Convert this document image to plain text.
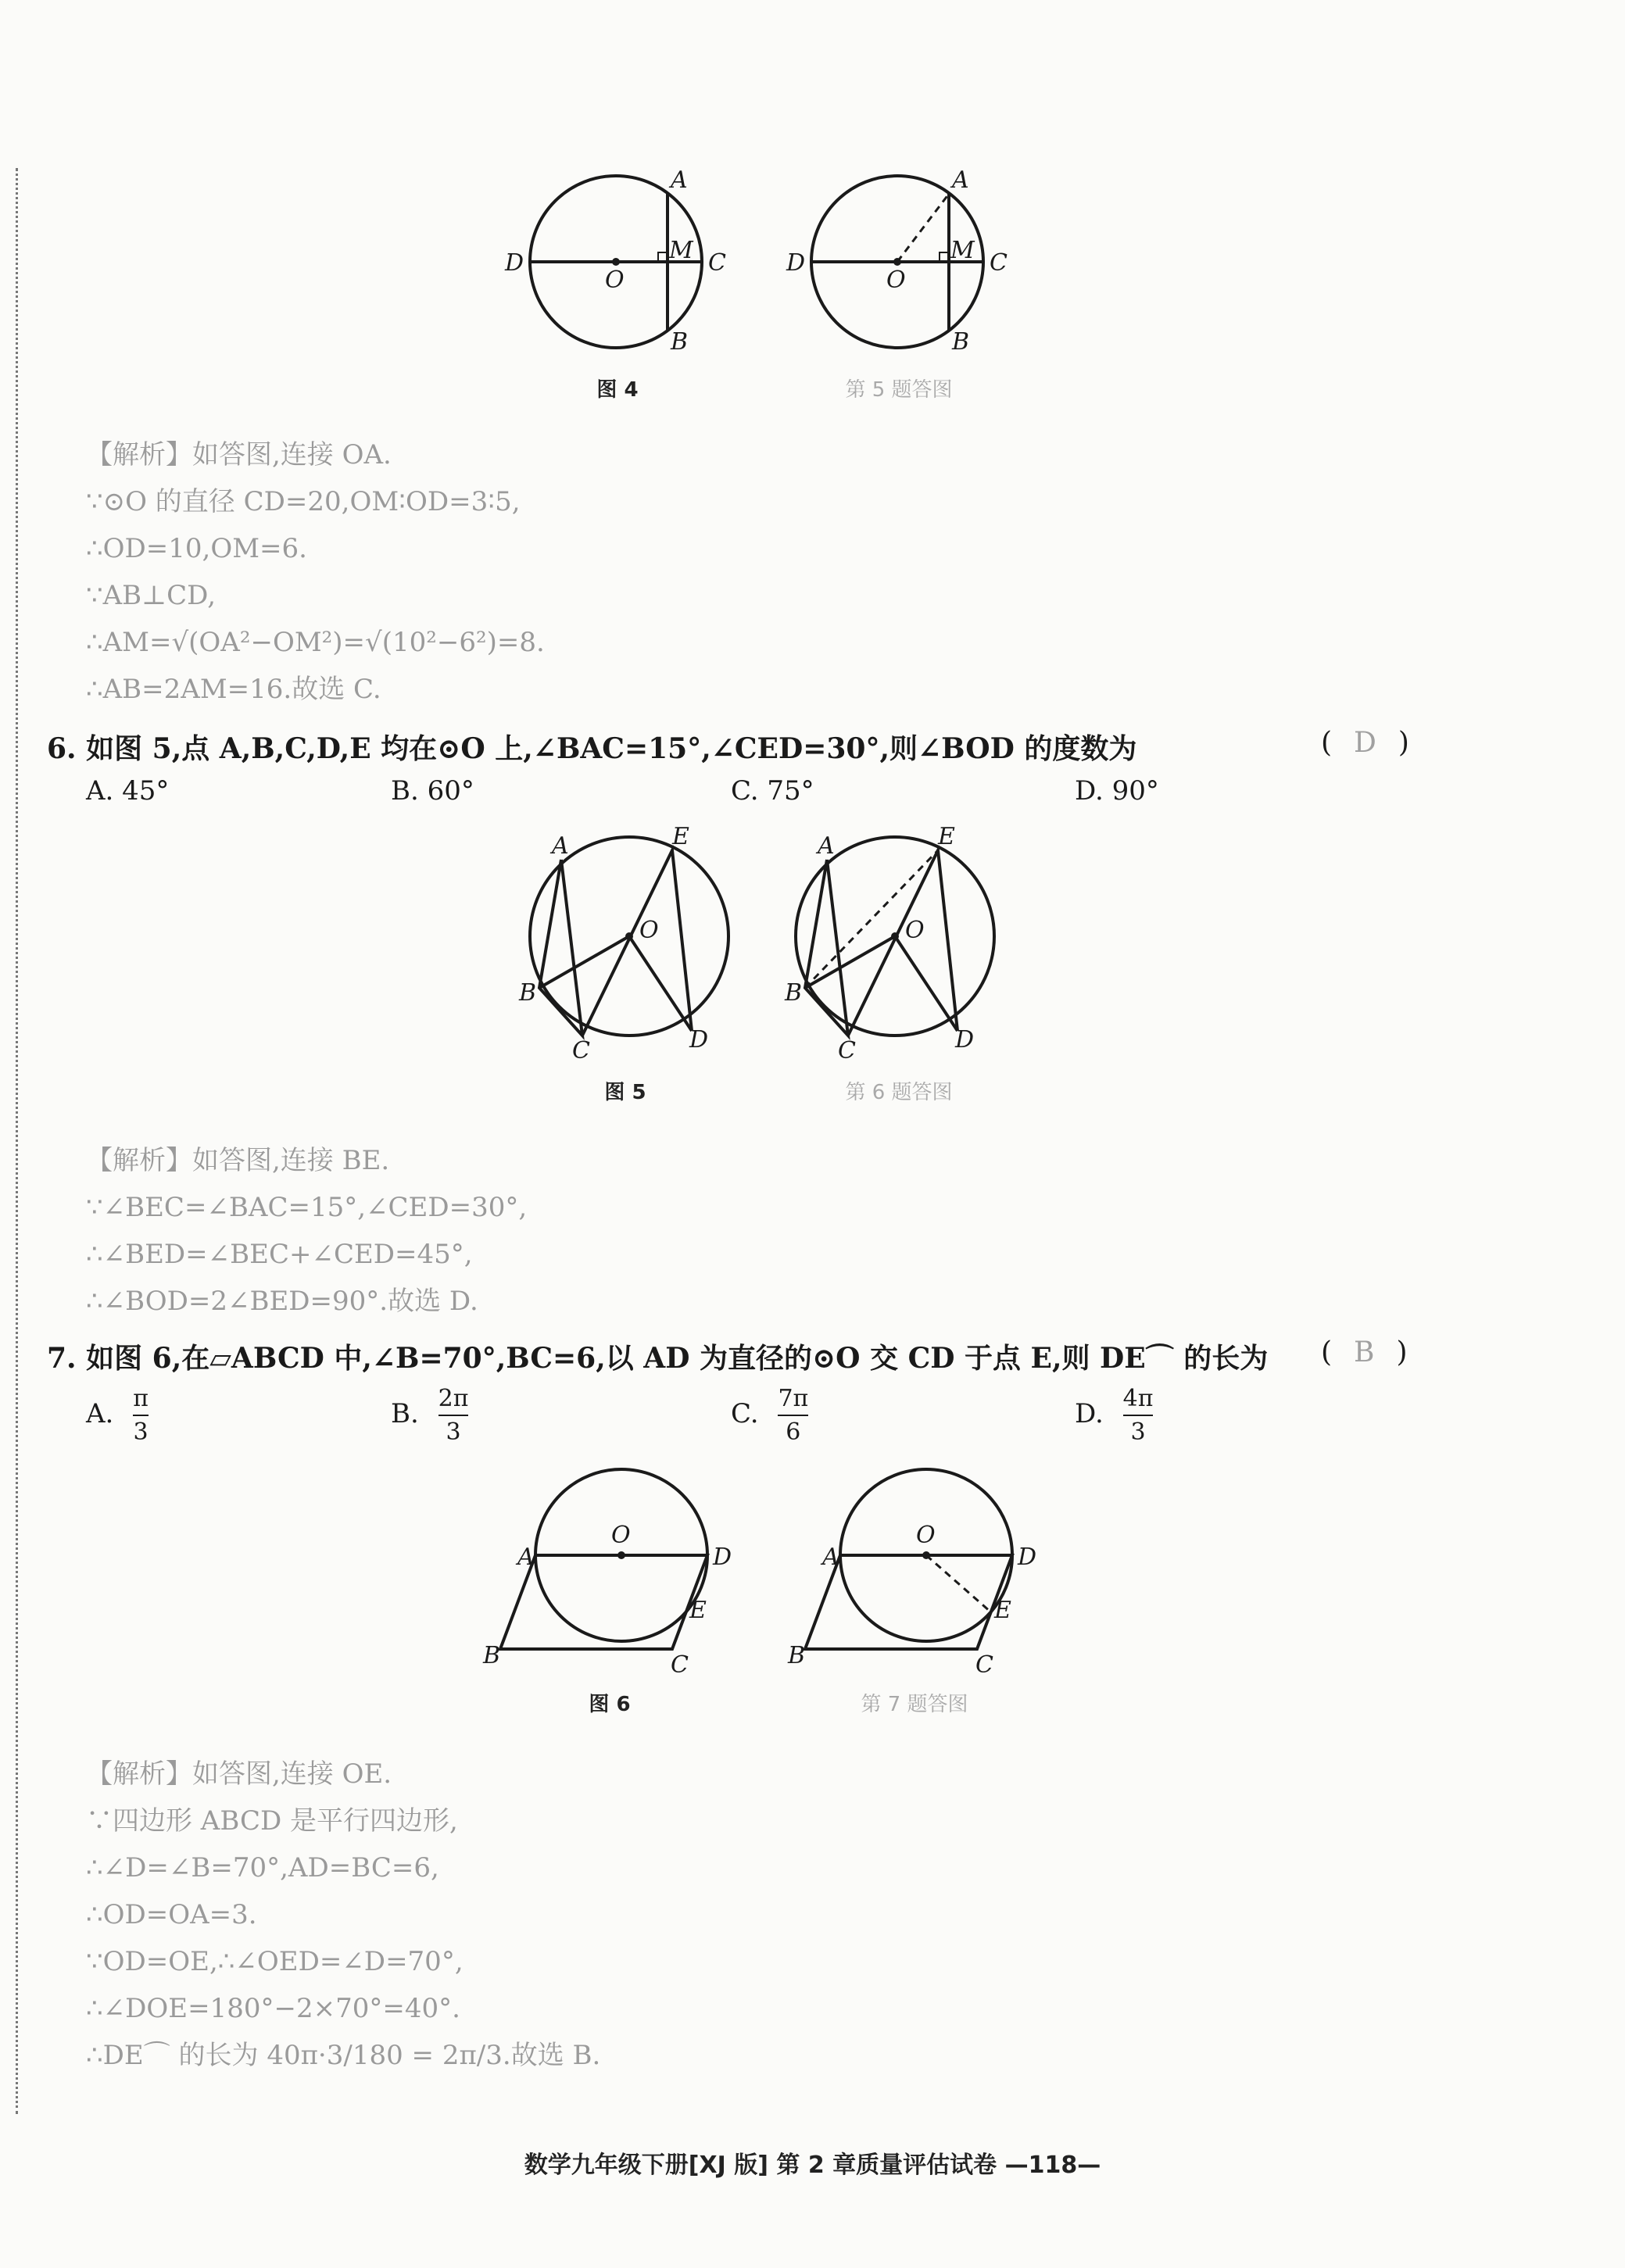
A
B
C
D
O
M
图 4
A
B
C
D
O
M
第 5 题答图
【解析】如答图,连接 OA.
∵⊙O 的直径 CD=20,OM∶OD=3∶5,
∴OD=10,OM=6.
∵AB⊥CD,
∴AM=√(OA²−OM²)=√(10²−6²)=8.
∴AB=2AM=16.故选 C.
6. 如图 5,点 A,B,C,D,E 均在⊙O 上,∠BAC=15°,∠CED=30°,则∠BOD 的度数为	( D )
A. 45°	B. 60°	C. 75°	D. 90°
A	E
O
B
C	D
图 5
A	E
O
B
C	D
第 6 题答图
【解析】如答图,连接 BE.
∵∠BEC=∠BAC=15°,∠CED=30°,
∴∠BED=∠BEC+∠CED=45°,
∴∠BOD=2∠BED=90°.故选 D.
7. 如图 6,在▱ABCD 中,∠B=70°,BC=6,以 AD 为直径的⊙O 交 CD 于点 E,则 DE⌒ 的长为 ( B )
A. $\frac{\pi}{3}$	B. $\frac{2\pi}{3}$	C. $\frac{7\pi}{6}$	D. $\frac{4\pi}{3}$
O
A	D
E
B	C
图 6
O
A	D
E
B	C
第 7 题答图
【解析】如答图,连接 OE.
∵四边形 ABCD 是平行四边形,
∴∠D=∠B=70°,AD=BC=6,
∴OD=OA=3.
∵OD=OE,∴∠OED=∠D=70°,
∴∠DOE=180°−2×70°=40°.
∴DE⌒ 的长为 40π·3/180 = 2π/3.故选 B.
数学九年级下册[XJ 版] 第 2 章质量评估试卷 —118—
